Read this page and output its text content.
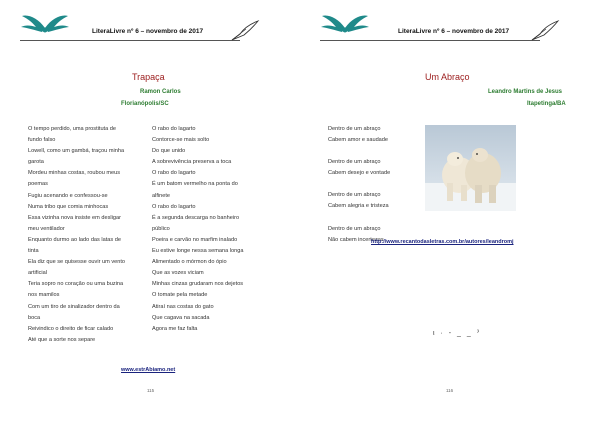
LiteraLivre nº 6 – novembro de 2017
Trapaça
Ramon Carlos
Florianópolis/SC
O tempo perdido, uma prostituta de
fundo falso
Lowell, como um gambá, traçou minha
garota
Mordeu minhas costas, roubou meus
poemas
Fugiu acenando e confessou-se
Numa tribo que comia minhocas
Essa vizinha nova insiste em desligar
meu ventilador
Enquanto durmo ao lado das latas de
tinta
Ela diz que se quisesse ouvir um vento
artificial
Teria sopro no coração ou uma buzina
nos mamilos
Com um tiro de sinalizador dentro da
boca
Reivindico o direito de ficar calado
Até que a sorte nos separe
O rabo do lagarto
Contorce-se mais solto
Do que unido
A sobrevivência preserva a toca
O rabo do lagarto
É um batom vermelho na ponta do
alfinete
O rabo do lagarto
É a segunda descarga no banheiro
público
Poeira e carvão no marfim inalado
Eu estive longe nessa semana longa
Alimentado o mórmon do ópio
Que as vozes viciam
Minhas cinzas grudaram nos dejetos
O tomate pela metade
Atiraí nas costas do gato
Que cagava na sacada
Agora me faz falta
www.estrAbiamo.net
115
LiteraLivre nº 6 – novembro de 2017
Um Abraço
Leandro Martins de Jesus
Itapetinga/BA
Dentro de um abraço
Cabem amor e saudade
Dentro de um abraço
Cabem desejo e vontade
Dentro de um abraço
Cabem alegria e tristeza
Dentro de um abraço
Não cabem incertezas
http://www.recantodasletras.com.br/autores/leandromj
ι · - _ _ ˀ
116
